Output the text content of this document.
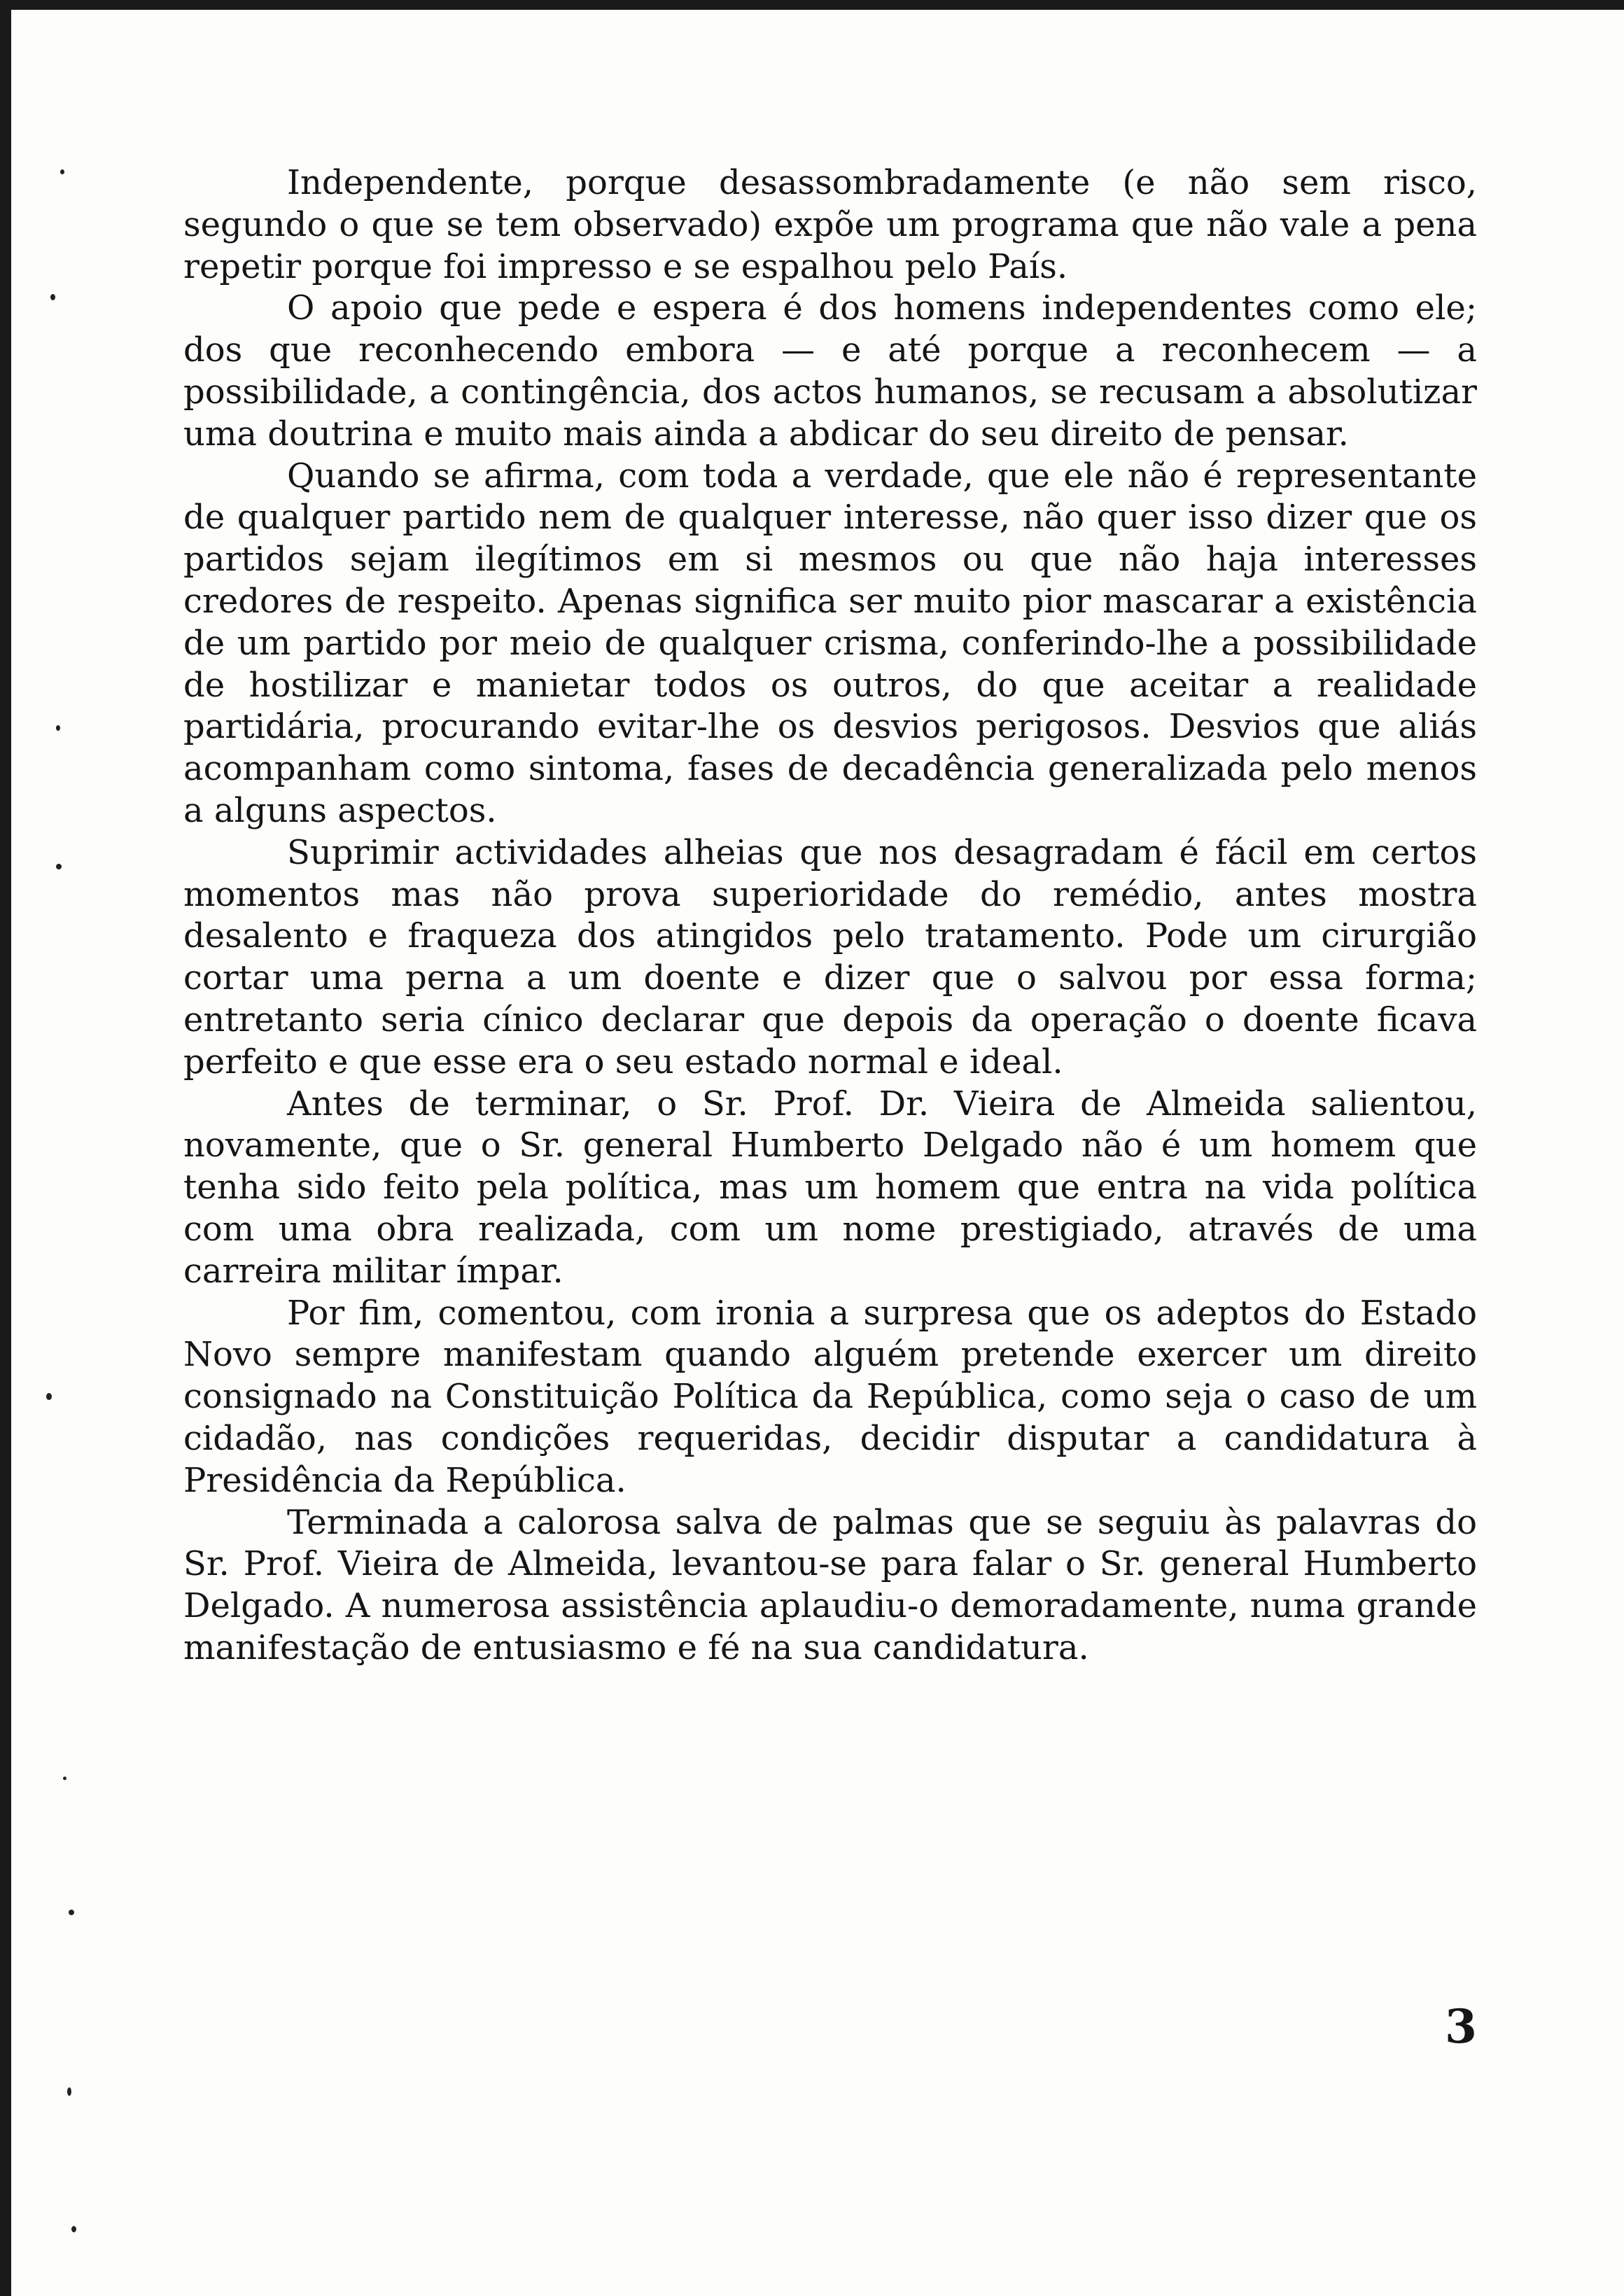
Independente, porque desassombradamente (e não sem risco, segundo o que se tem observado) expõe um programa que não vale a pena repetir porque foi impresso e se espalhou pelo País.

O apoio que pede e espera é dos homens independentes como ele; dos que reconhecendo embora — e até porque a reconhecem — a possibilidade, a contingência, dos actos humanos, se recusam a absolutizar uma doutrina e muito mais ainda a abdicar do seu direito de pensar.

Quando se afirma, com toda a verdade, que ele não é representante de qualquer partido nem de qualquer interesse, não quer isso dizer que os partidos sejam ilegítimos em si mesmos ou que não haja interesses credores de respeito. Apenas significa ser muito pior mascarar a existência de um partido por meio de qualquer crisma, conferindo-lhe a possibilidade de hostilizar e manietar todos os outros, do que aceitar a realidade partidária, procurando evitar-lhe os desvios perigosos. Desvios que aliás acompanham como sintoma, fases de decadência generalizada pelo menos a alguns aspectos.

Suprimir actividades alheias que nos desagradam é fácil em certos momentos mas não prova superioridade do remédio, antes mostra desalento e fraqueza dos atingidos pelo tratamento. Pode um cirurgião cortar uma perna a um doente e dizer que o salvou por essa forma; entretanto seria cínico declarar que depois da operação o doente ficava perfeito e que esse era o seu estado normal e ideal.

Antes de terminar, o Sr. Prof. Dr. Vieira de Almeida salientou, novamente, que o Sr. general Humberto Delgado não é um homem que tenha sido feito pela política, mas um homem que entra na vida política com uma obra realizada, com um nome prestigiado, através de uma carreira militar ímpar.

Por fim, comentou, com ironia a surpresa que os adeptos do Estado Novo sempre manifestam quando alguém pretende exercer um direito consignado na Constituição Política da República, como seja o caso de um cidadão, nas condições requeridas, decidir disputar a candidatura à Presidência da República.

Terminada a calorosa salva de palmas que se seguiu às palavras do Sr. Prof. Vieira de Almeida, levantou-se para falar o Sr. general Humberto Delgado. A numerosa assistência aplaudiu-o demoradamente, numa grande manifestação de entusiasmo e fé na sua candidatura.

3
